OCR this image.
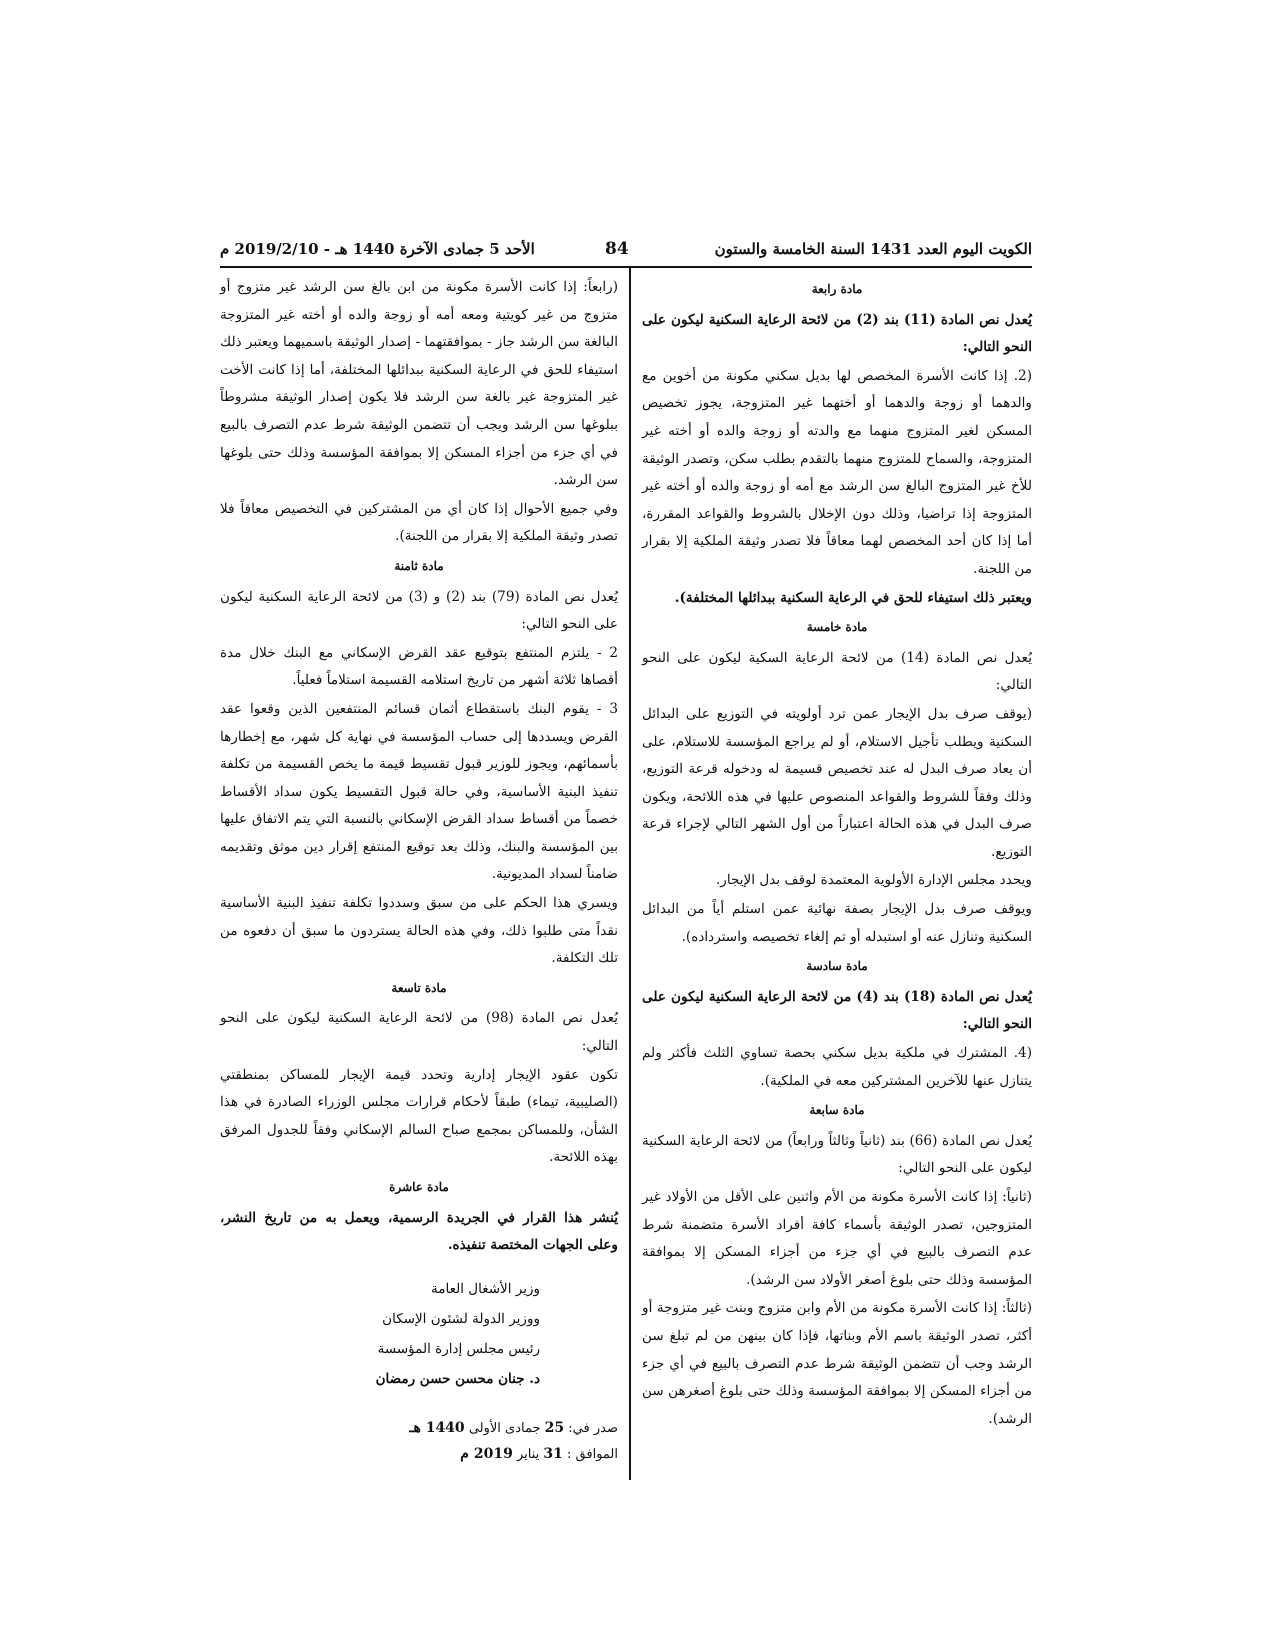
الكويت اليوم العدد 1431 السنة الخامسة والستون
84
الأحد 5 جمادى الآخرة 1440 هـ - 2019/2/10 م
مادة رابعة

يُعدل نص المادة (11) بند (2) من لائحة الرعاية السكنية ليكون على النحو التالي:

(2. إذا كانت الأسرة المخصص لها بديل سكني مكونة من أخوين مع والدهما أو زوجة والدهما أو أختهما غير المتزوجة، يجوز تخصيص المسكن لغير المتزوج منهما مع والدته أو زوجة والده أو أخته غير المتزوجة، والسماح للمتزوج منهما بالتقدم بطلب سكن، وتصدر الوثيقة للأخ غير المتزوج البالغ سن الرشد مع أمه أو زوجة والده أو أخته غير المتزوجة إذا تراضيا، وذلك دون الإخلال بالشروط والقواعد المقررة، أما إذا كان أحد المخصص لهما معاقاً فلا تصدر وثيقة الملكية إلا بقرار من اللجنة.

ويعتبر ذلك استيفاء للحق في الرعاية السكنية ببدائلها المختلفة).

مادة خامسة

يُعدل نص المادة (14) من لائحة الرعاية السكية ليكون على النحو التالي:

(يوقف صرف بدل الإيجار عمن ترد أولويته في التوزيع على البدائل السكنية ويطلب تأجيل الاستلام، أو لم يراجع المؤسسة للاستلام، على أن يعاد صرف البدل له عند تخصيص قسيمة له ودخوله قرعة التوزيع، وذلك وفقاً للشروط والقواعد المنصوص عليها في هذه اللائحة، ويكون صرف البدل في هذه الحالة اعتباراً من أول الشهر التالي لإجراء قرعة التوزيع.

ويحدد مجلس الإدارة الأولوية المعتمدة لوقف بدل الإيجار.

ويوقف صرف بدل الإيجار بصفة نهائية عمن استلم أياً من البدائل السكنية وتنازل عنه أو استبدله أو تم إلغاء تخصيصه واسترداده).

مادة سادسة

يُعدل نص المادة (18) بند (4) من لائحة الرعاية السكنية ليكون على النحو التالي:

(4. المشترك في ملكية بديل سكني بحصة تساوي الثلث فأكثر ولم يتنازل عنها للآخرين المشتركين معه في الملكية).

مادة سابعة

يُعدل نص المادة (66) بند (ثانياً وثالثاً ورابعاً) من لائحة الرعاية السكنية ليكون على النحو التالي:

(ثانياً: إذا كانت الأسرة مكونة من الأم واثنين على الأقل من الأولاد غير المتزوجين، تصدر الوثيقة بأسماء كافة أفراد الأسرة متضمنة شرط عدم التصرف بالبيع في أي جزء من أجزاء المسكن إلا بموافقة المؤسسة وذلك حتى بلوغ أصغر الأولاد سن الرشد).

(ثالثاً: إذا كانت الأسرة مكونة من الأم وابن متزوج وبنت غير متزوجة أو أكثر، تصدر الوثيقة باسم الأم وبناتها، فإذا كان بينهن من لم تبلغ سن الرشد وجب أن تتضمن الوثيقة شرط عدم التصرف بالبيع في أي جزء من أجزاء المسكن إلا بموافقة المؤسسة وذلك حتى بلوغ أصغرهن سن الرشد).

(رابعاً: إذا كانت الأسرة مكونة من ابن بالغ سن الرشد غير متزوج أو متزوج من غير كويتية ومعه أمه أو زوجة والده أو أخته غير المتزوجة البالغة سن الرشد جاز - بموافقتهما - إصدار الوثيقة باسميهما ويعتبر ذلك استيفاء للحق في الرعاية السكنية ببدائلها المختلفة، أما إذا كانت الأخت غير المتزوجة غير بالغة سن الرشد فلا يكون إصدار الوثيقة مشروطاً ببلوغها سن الرشد ويجب أن تتضمن الوثيقة شرط عدم التصرف بالبيع في أي جزء من أجزاء المسكن إلا بموافقة المؤسسة وذلك حتى بلوغها سن الرشد.

وفي جميع الأحوال إذا كان أي من المشتركين في التخصيص معاقاً فلا تصدر وثيقة الملكية إلا بقرار من اللجنة).

مادة ثامنة

يُعدل نص المادة (79) بند (2) و (3) من لائحة الرعاية السكنية ليكون على النحو التالي:

2 - يلتزم المنتفع بتوقيع عقد القرض الإسكاني مع البنك خلال مدة أقصاها ثلاثة أشهر من تاريخ استلامه القسيمة استلاماً فعلياً.

3 - يقوم البنك باستقطاع أثمان قسائم المنتفعين الذين وقعوا عقد القرض ويسددها إلى حساب المؤسسة في نهاية كل شهر، مع إخطارها بأسمائهم، ويجوز للوزير قبول تقسيط قيمة ما يخص القسيمة من تكلفة تنفيذ البنية الأساسية، وفي حالة قبول التقسيط يكون سداد الأقساط خصماً من أقساط سداد القرض الإسكاني بالنسبة التي يتم الاتفاق عليها بين المؤسسة والبنك، وذلك بعد توقيع المنتفع إقرار دين موثق وتقديمه ضامناً لسداد المديونية.

ويسري هذا الحكم على من سبق وسددوا تكلفة تنفيذ البنية الأساسية نقداً متى طلبوا ذلك، وفي هذه الحالة يستردون ما سبق أن دفعوه من تلك التكلفة.

مادة تاسعة

يُعدل نص المادة (98) من لائحة الرعاية السكنية ليكون على النحو التالي:

تكون عقود الإيجار إدارية وتحدد قيمة الإيجار للمساكن بمنطقتي (الصليبية، تيماء) طبقاً لأحكام قرارات مجلس الوزراء الصادرة في هذا الشأن، وللمساكن بمجمع صباح السالم الإسكاني وفقاً للجدول المرفق بهذه اللائحة.

مادة عاشرة

يُنشر هذا القرار في الجريدة الرسمية، ويعمل به من تاريخ النشر، وعلى الجهات المختصة تنفيذه.

وزير الأشغال العامة

ووزير الدولة لشئون الإسكان

رئيس مجلس إدارة المؤسسة

د. جنان محسن حسن رمضان

صدر في: 25 جمادى الأولى 1440 هـ

الموافق : 31 يناير 2019 م
